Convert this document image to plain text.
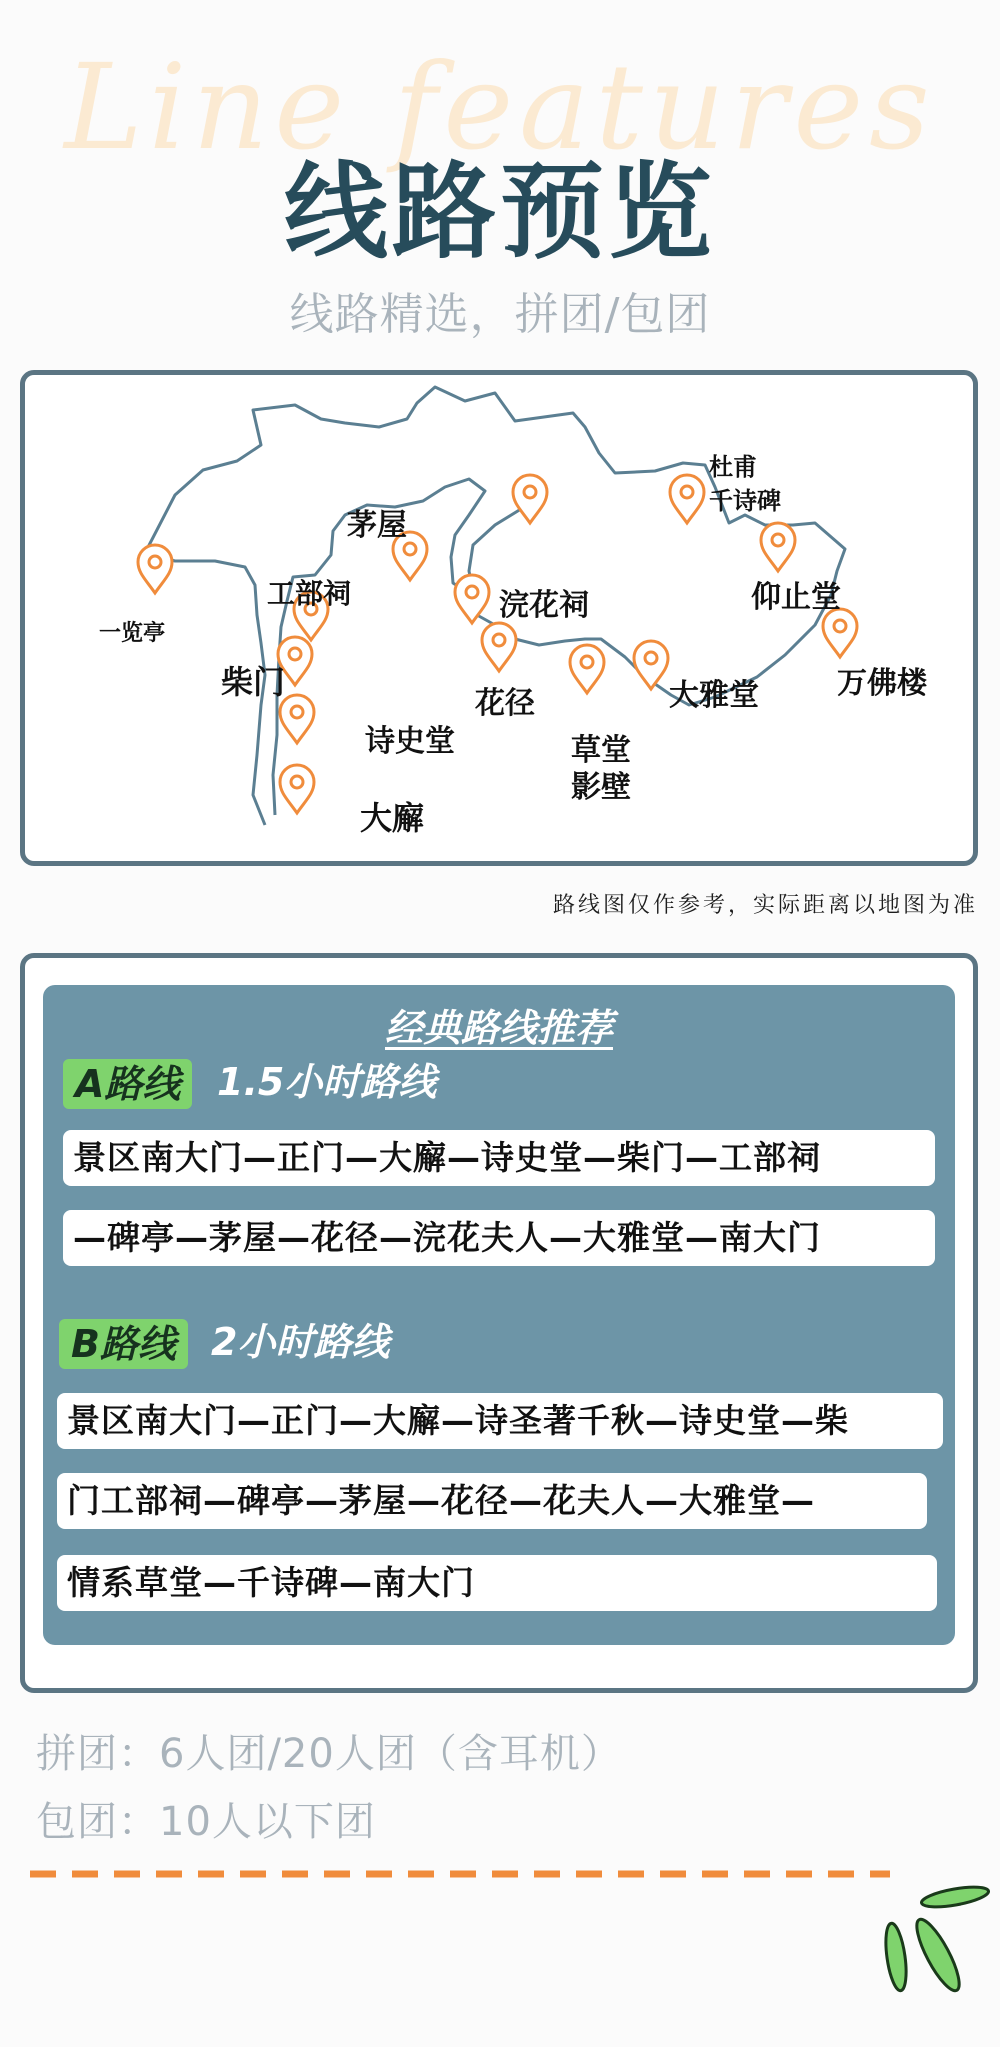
Line features
线路预览
线路精选，拼团/包团
一览亭
茅屋
工部祠
柴门
诗史堂
大廨
浣花祠
花径
草堂
影壁
大雅堂
杜甫
千诗碑
仰止堂
万佛楼
路线图仅作参考，实际距离以地图为准
经典路线推荐
A路线 1.5小时路线
景区南大门—正门—大廨—诗史堂—柴门—工部祠
—碑亭—茅屋—花径—浣花夫人—大雅堂—南大门
B路线 2小时路线
景区南大门—正门—大廨—诗圣著千秋—诗史堂—柴
门工部祠—碑亭—茅屋—花径—花夫人—大雅堂—
情系草堂—千诗碑—南大门
拼团：6人团/20人团（含耳机）
包团：10人以下团
